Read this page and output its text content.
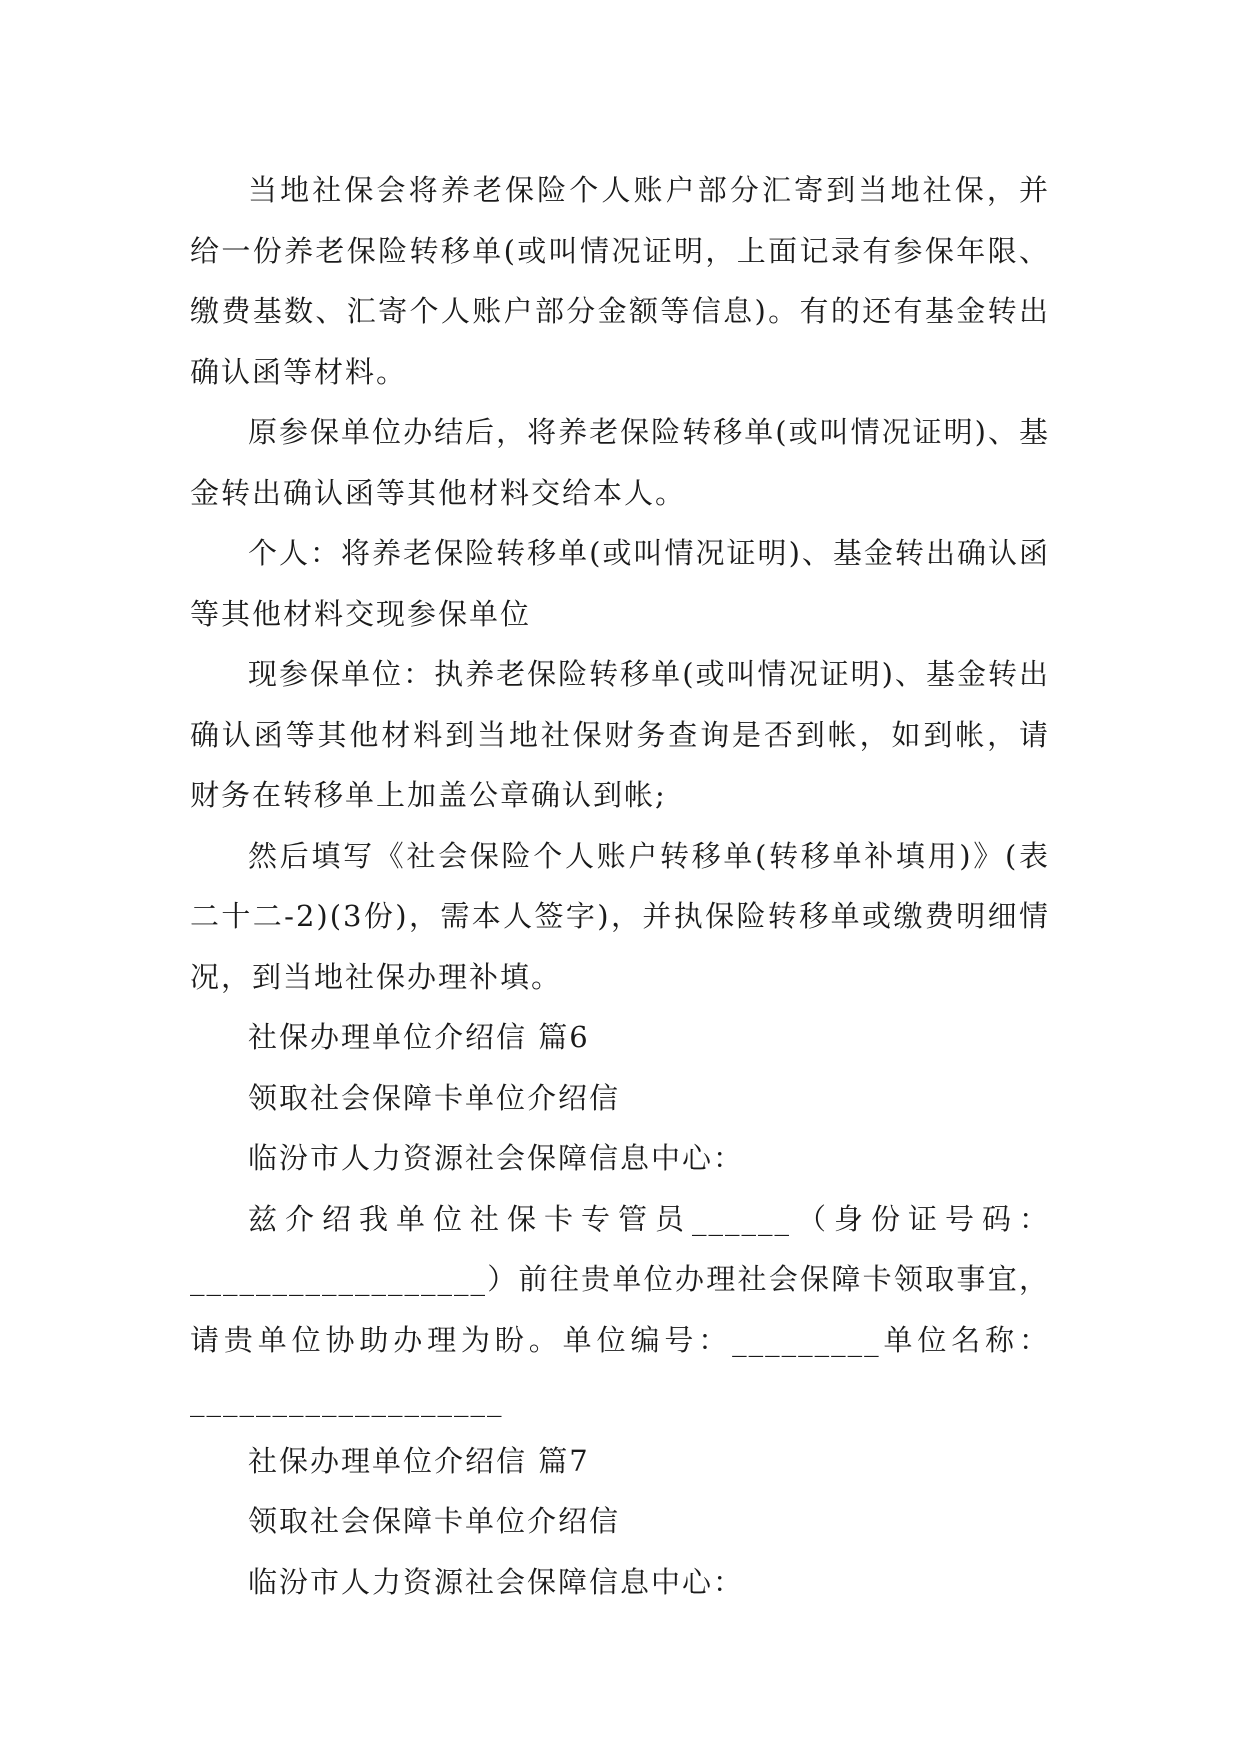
当地社保会将养老保险个人账户部分汇寄到当地社保，并给一份养老保险转移单(或叫情况证明，上面记录有参保年限、缴费基数、汇寄个人账户部分金额等信息)。有的还有基金转出确认函等材料。

原参保单位办结后，将养老保险转移单(或叫情况证明)、基金转出确认函等其他材料交给本人。

个人：将养老保险转移单(或叫情况证明)、基金转出确认函等其他材料交现参保单位

现参保单位：执养老保险转移单(或叫情况证明)、基金转出确认函等其他材料到当地社保财务查询是否到帐，如到帐，请财务在转移单上加盖公章确认到帐;

然后填写《社会保险个人账户转移单(转移单补填用)》(表二十二-2)(3份)，需本人签字)，并执保险转移单或缴费明细情况，到当地社保办理补填。

社保办理单位介绍信 篇6

领取社会保障卡单位介绍信

临汾市人力资源社会保障信息中心：

兹介绍我单位社保卡专管员______（身份证号码：__________________）前往贵单位办理社会保障卡领取事宜，请贵单位协助办理为盼。单位编号：_________单位名称：___________________

社保办理单位介绍信 篇7

领取社会保障卡单位介绍信

临汾市人力资源社会保障信息中心：
